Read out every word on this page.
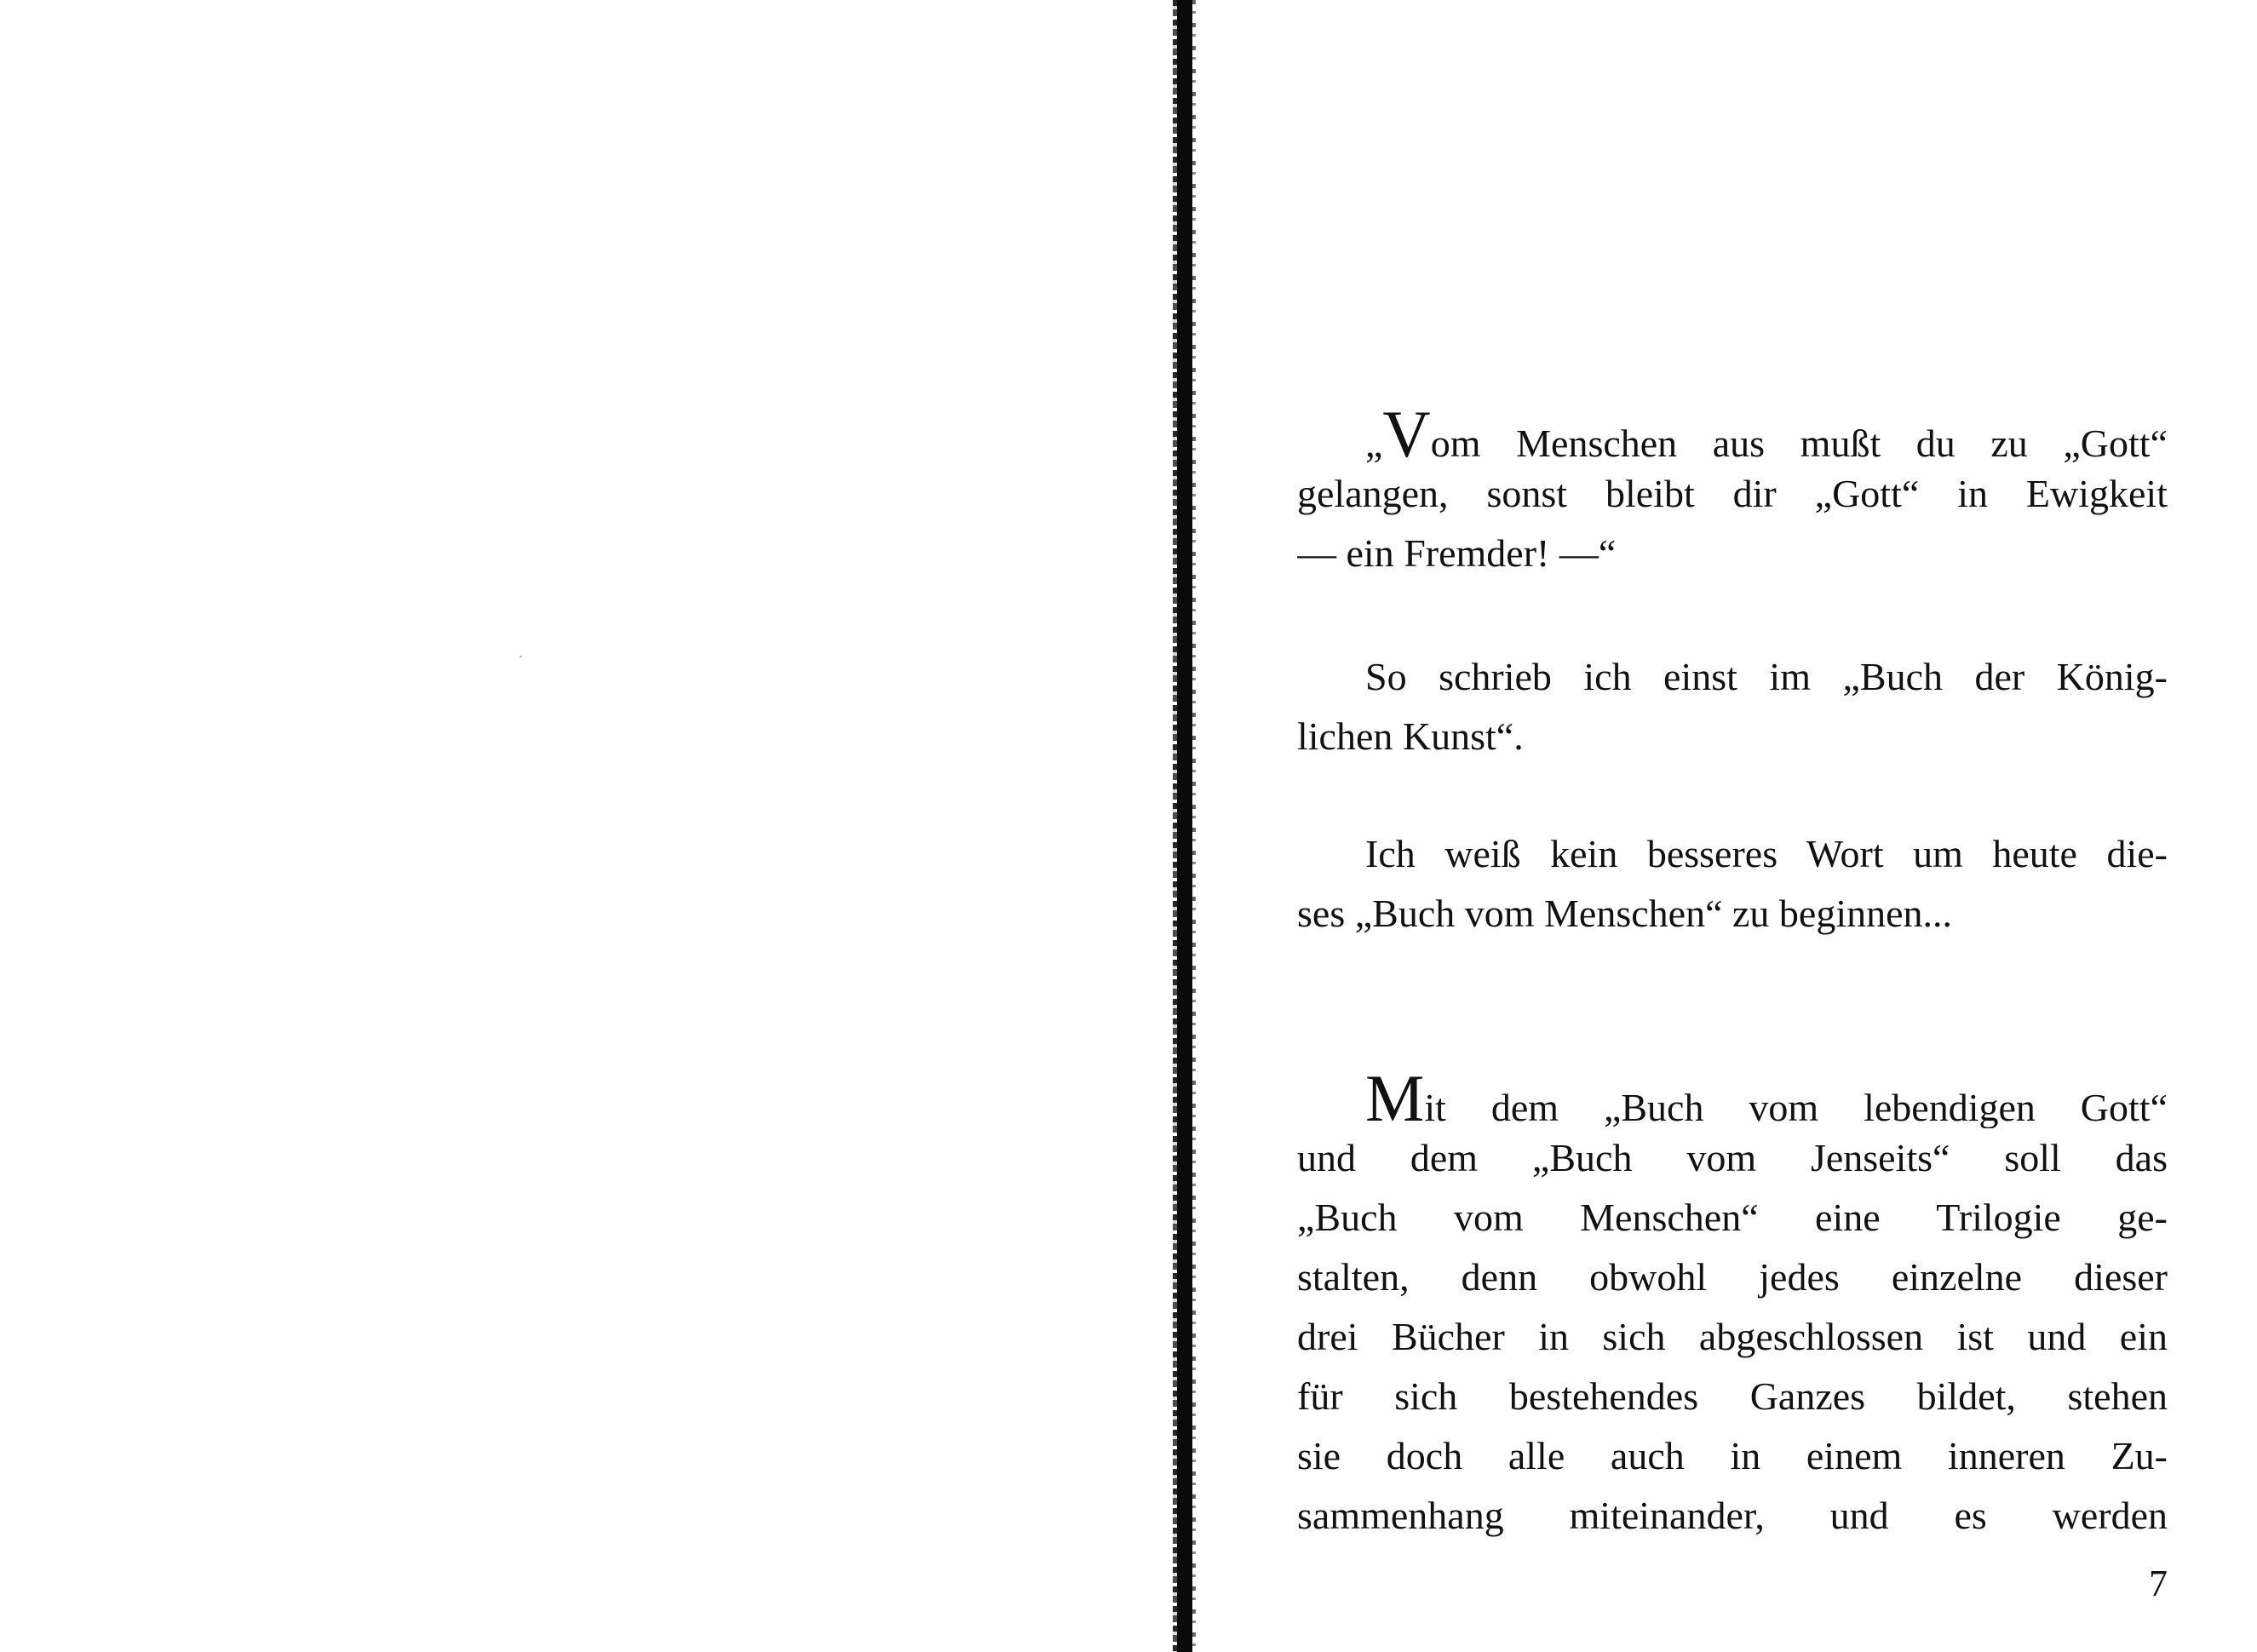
„Vom Menschen aus mußt du zu „Gott“
gelangen, sonst bleibt dir „Gott“ in Ewigkeit
— ein Fremder! —“
So schrieb ich einst im „Buch der König-
lichen Kunst“.
Ich weiß kein besseres Wort um heute die-
ses „Buch vom Menschen“ zu beginnen...
Mit dem „Buch vom lebendigen Gott“
und dem „Buch vom Jenseits“ soll das
„Buch vom Menschen“ eine Trilogie ge-
stalten, denn obwohl jedes einzelne dieser
drei Bücher in sich abgeschlossen ist und ein
für sich bestehendes Ganzes bildet, stehen
sie doch alle auch in einem inneren Zu-
sammenhang miteinander, und es werden
7
